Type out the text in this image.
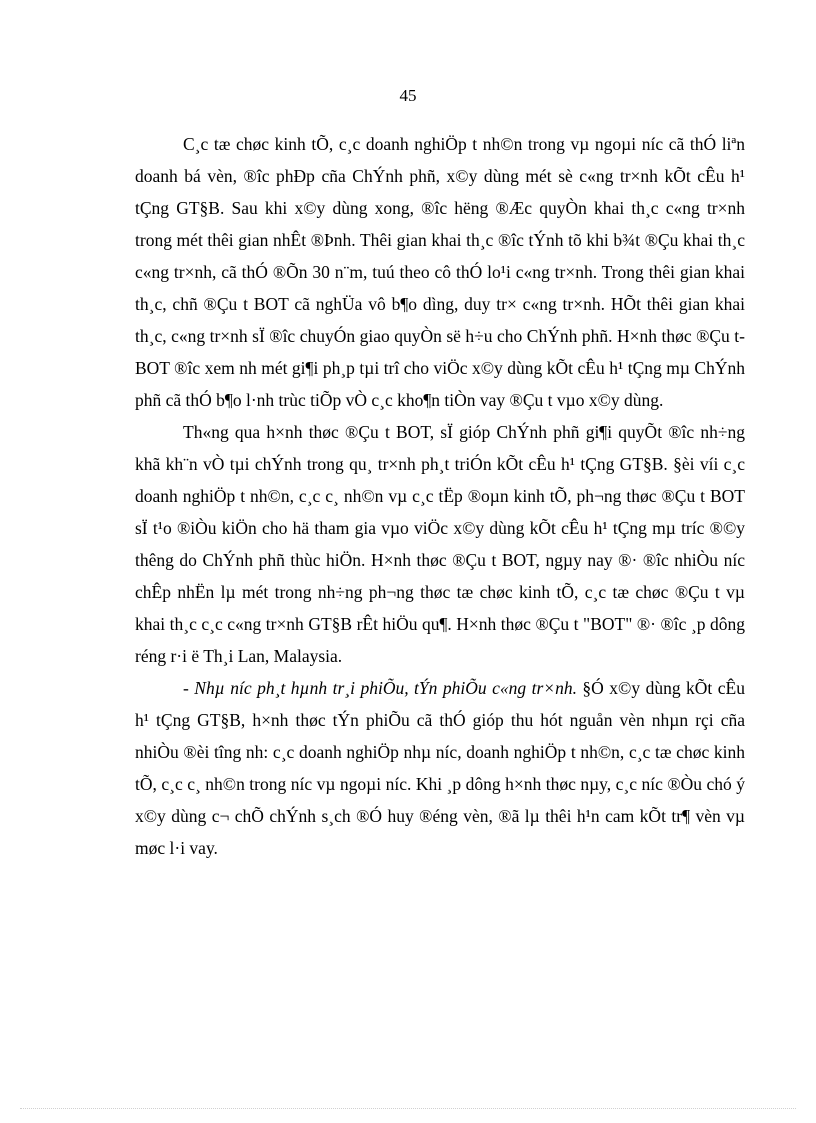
45

C¸c tæ chøc kinh tÕ, c¸c doanh nghiÖp t nh©n trong vµ ngoµi níc cã thÓ liªn doanh bá vèn, ®îc phÐp cña ChÝnh phñ, x©y dùng mét sè c«ng tr×nh kÕt cÊu h¹ tÇng GT§B. Sau khi x©y dùng xong, ®îc hëng ®Æc quyÒn khai th¸c c«ng tr×nh trong mét thêi gian nhÊt ®Þnh. Thêi gian khai th¸c ®îc tÝnh tõ khi b¾t ®Çu khai th¸c c«ng tr×nh, cã thÓ ®Õn 30 n¨m, tuú theo cô thÓ lo¹i c«ng tr×nh. Trong thêi gian khai th¸c, chñ ®Çu t BOT cã nghÜa vô b¶o dìng, duy tr× c«ng tr×nh. HÕt thêi gian khai th¸c, c«ng tr×nh sÏ ®îc chuyÓn giao quyÒn së h÷u cho ChÝnh phñ. H×nh thøc ®Çu t BOT ®îc xem nh mét gi¶i ph¸p tµi trî cho viÖc x©y dùng kÕt cÊu h¹ tÇng mµ ChÝnh phñ cã thÓ b¶o l·nh trùc tiÕp vÒ c¸c kho¶n tiÒn vay ®Çu t vµo x©y dùng.

Th«ng qua h×nh thøc ®Çu t BOT, sÏ gióp ChÝnh phñ gi¶i quyÕt ®îc nh÷ng khã kh¨n vÒ tµi chÝnh trong qu¸ tr×nh ph¸t triÓn kÕt cÊu h¹ tÇng GT§B. §èi víi c¸c doanh nghiÖp t nh©n, c¸c c¸ nh©n vµ c¸c tËp ®oµn kinh tÕ, ph¬ng thøc ®Çu t BOT sÏ t¹o ®iÒu kiÖn cho hä tham gia vµo viÖc x©y dùng kÕt cÊu h¹ tÇng mµ tríc ®©y thêng do ChÝnh phñ thùc hiÖn. H×nh thøc ®Çu t BOT, ngµy nay ®· ®îc nhiÒu níc chÊp nhËn lµ mét trong nh÷ng ph¬ng thøc tæ chøc kinh tÕ, c¸c tæ chøc ®Çu t vµ khai th¸c c¸c c«ng tr×nh GT§B rÊt hiÖu qu¶. H×nh thøc ®Çu t "BOT" ®· ®îc ¸p dông réng r·i ë Th¸i Lan, Malaysia.

- Nhµ níc ph¸t hµnh tr¸i phiÕu, tÝn phiÕu c«ng tr×nh. §Ó x©y dùng kÕt cÊu h¹ tÇng GT§B, h×nh thøc tÝn phiÕu cã thÓ gióp thu hót nguån vèn nhµn rçi cña nhiÒu ®èi tîng nh: c¸c doanh nghiÖp nhµ níc, doanh nghiÖp t nh©n, c¸c tæ chøc kinh tÕ, c¸c c¸ nh©n trong níc vµ ngoµi níc. Khi ¸p dông h×nh thøc nµy, c¸c níc ®Òu chó ý x©y dùng c¬ chÕ chÝnh s¸ch ®Ó huy ®éng vèn, ®ã lµ thêi h¹n cam kÕt tr¶ vèn vµ møc l·i vay.
